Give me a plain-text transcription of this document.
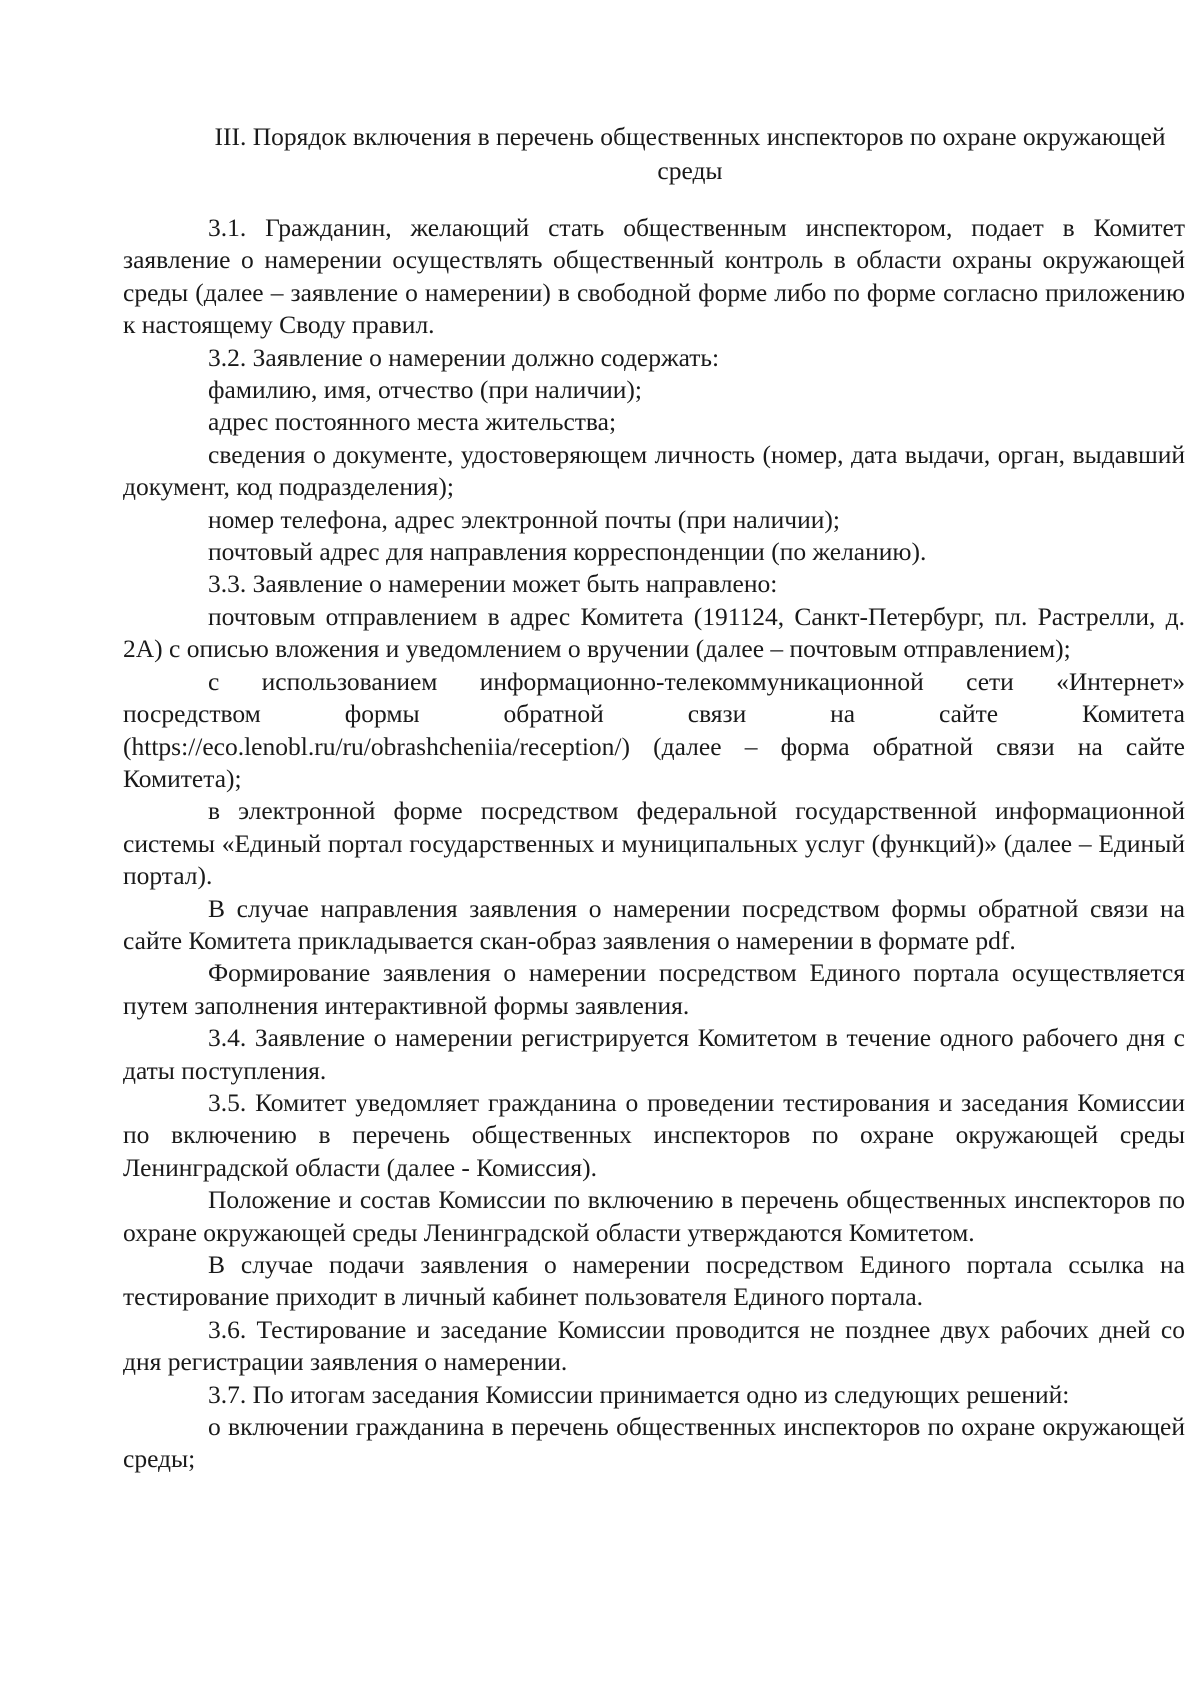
III. Порядок включения в перечень общественных инспекторов по охране окружающей среды

3.1. Гражданин, желающий стать общественным инспектором, подает в Комитет заявление о намерении осуществлять общественный контроль в области охраны окружающей среды (далее – заявление о намерении) в свободной форме либо по форме согласно приложению к настоящему Своду правил.

3.2. Заявление о намерении должно содержать:

фамилию, имя, отчество (при наличии);

адрес постоянного места жительства;

сведения о документе, удостоверяющем личность (номер, дата выдачи, орган, выдавший документ, код подразделения);

номер телефона, адрес электронной почты (при наличии);

почтовый адрес для направления корреспонденции (по желанию).

3.3. Заявление о намерении может быть направлено:

почтовым отправлением в адрес Комитета (191124, Санкт-Петербург, пл. Растрелли, д. 2А) с описью вложения и уведомлением о вручении (далее – почтовым отправлением);

с использованием информационно-телекоммуникационной сети «Интернет» посредством формы обратной связи на сайте Комитета (https://eco.lenobl.ru/ru/obrashcheniia/reception/) (далее – форма обратной связи на сайте Комитета);

в электронной форме посредством федеральной государственной информационной системы «Единый портал государственных и муниципальных услуг (функций)» (далее – Единый портал).

В случае направления заявления о намерении посредством формы обратной связи на сайте Комитета прикладывается скан-образ заявления о намерении в формате pdf.

Формирование заявления о намерении посредством Единого портала осуществляется путем заполнения интерактивной формы заявления.

3.4. Заявление о намерении регистрируется Комитетом в течение одного рабочего дня с даты поступления.

3.5. Комитет уведомляет гражданина о проведении тестирования и заседания Комиссии по включению в перечень общественных инспекторов по охране окружающей среды Ленинградской области (далее - Комиссия).

Положение и состав Комиссии по включению в перечень общественных инспекторов по охране окружающей среды Ленинградской области утверждаются Комитетом.

В случае подачи заявления о намерении посредством Единого портала ссылка на тестирование приходит в личный кабинет пользователя Единого портала.

3.6. Тестирование и заседание Комиссии проводится не позднее двух рабочих дней со дня регистрации заявления о намерении.

3.7. По итогам заседания Комиссии принимается одно из следующих решений:

о включении гражданина в перечень общественных инспекторов по охране окружающей среды;
